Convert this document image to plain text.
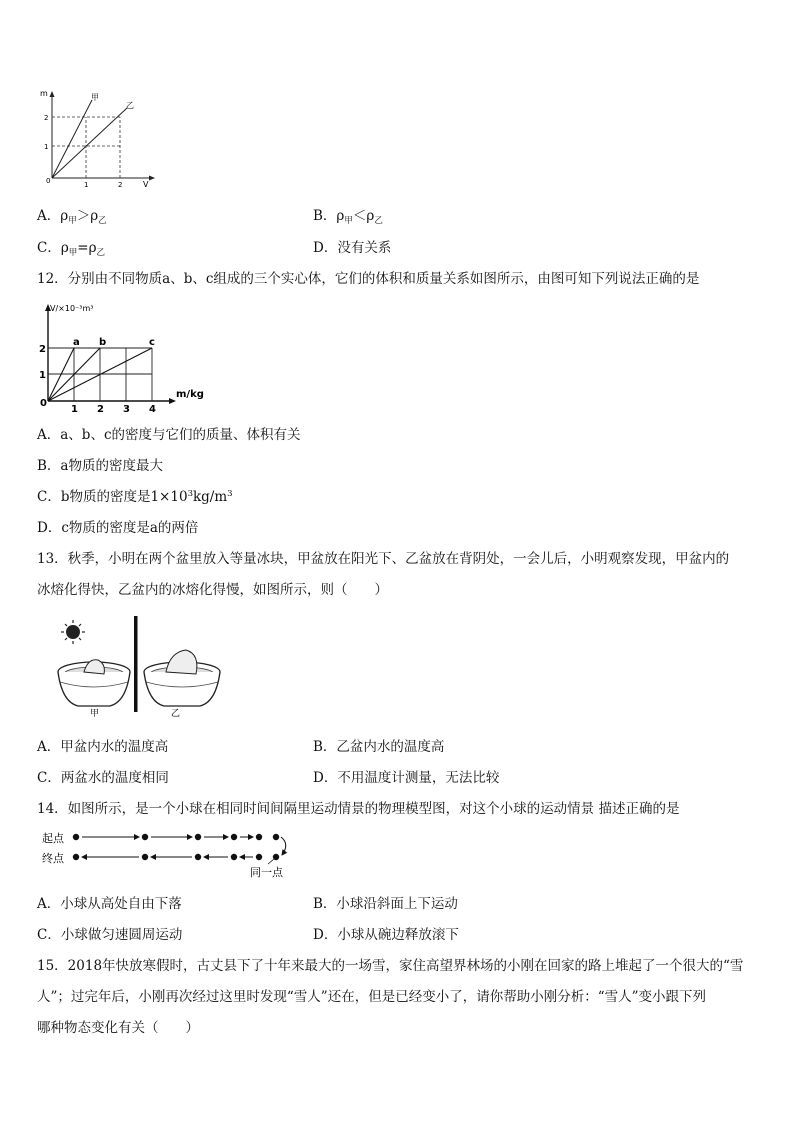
m
V
0
1
2
1	2
甲
乙
A．$\rho_甲>\rho_乙$	B．$\rho_甲<\rho_乙$
C．$\rho_甲=\rho_乙$	D．没有关系
12．分别由不同物质a、b、c组成的三个实心体，它们的体积和质量关系如图所示，由图可知下列说法正确的是
V/×10⁻³m³
m/kg
0
1
2
1 2 3 4
a b	c
A．a、b、c的密度与它们的质量、体积有关
B．a物质的密度最大
C．b物质的密度是$1\times 10^3kg/m^3$
D．c物质的密度是a的两倍
13．秋季，小明在两个盆里放入等量冰块，甲盆放在阳光下、乙盆放在背阴处，一会儿后，小明观察发现，甲盆内的
冰熔化得快，乙盆内的冰熔化得慢，如图所示，则（　　）
甲	乙
A．甲盆内水的温度高	B．乙盆内水的温度高
C．两盆水的温度相同	D．不用温度计测量，无法比较
14．如图所示，是一个小球在相同时间间隔里运动情景的物理模型图，对这个小球的运动情景 描述正确的是
起点
终点
同一点
A．小球从高处自由下落	B．小球沿斜面上下运动
C．小球做匀速圆周运动	D．小球从碗边释放滚下
15．2018年快放寒假时，古丈县下了十年来最大的一场雪，家住高望界林场的小刚在回家的路上堆起了一个很大的“雪
人”；过完年后，小刚再次经过这里时发现“雪人”还在，但是已经变小了，请你帮助小刚分析：“雪人”变小跟下列
哪种物态变化有关（　　）
